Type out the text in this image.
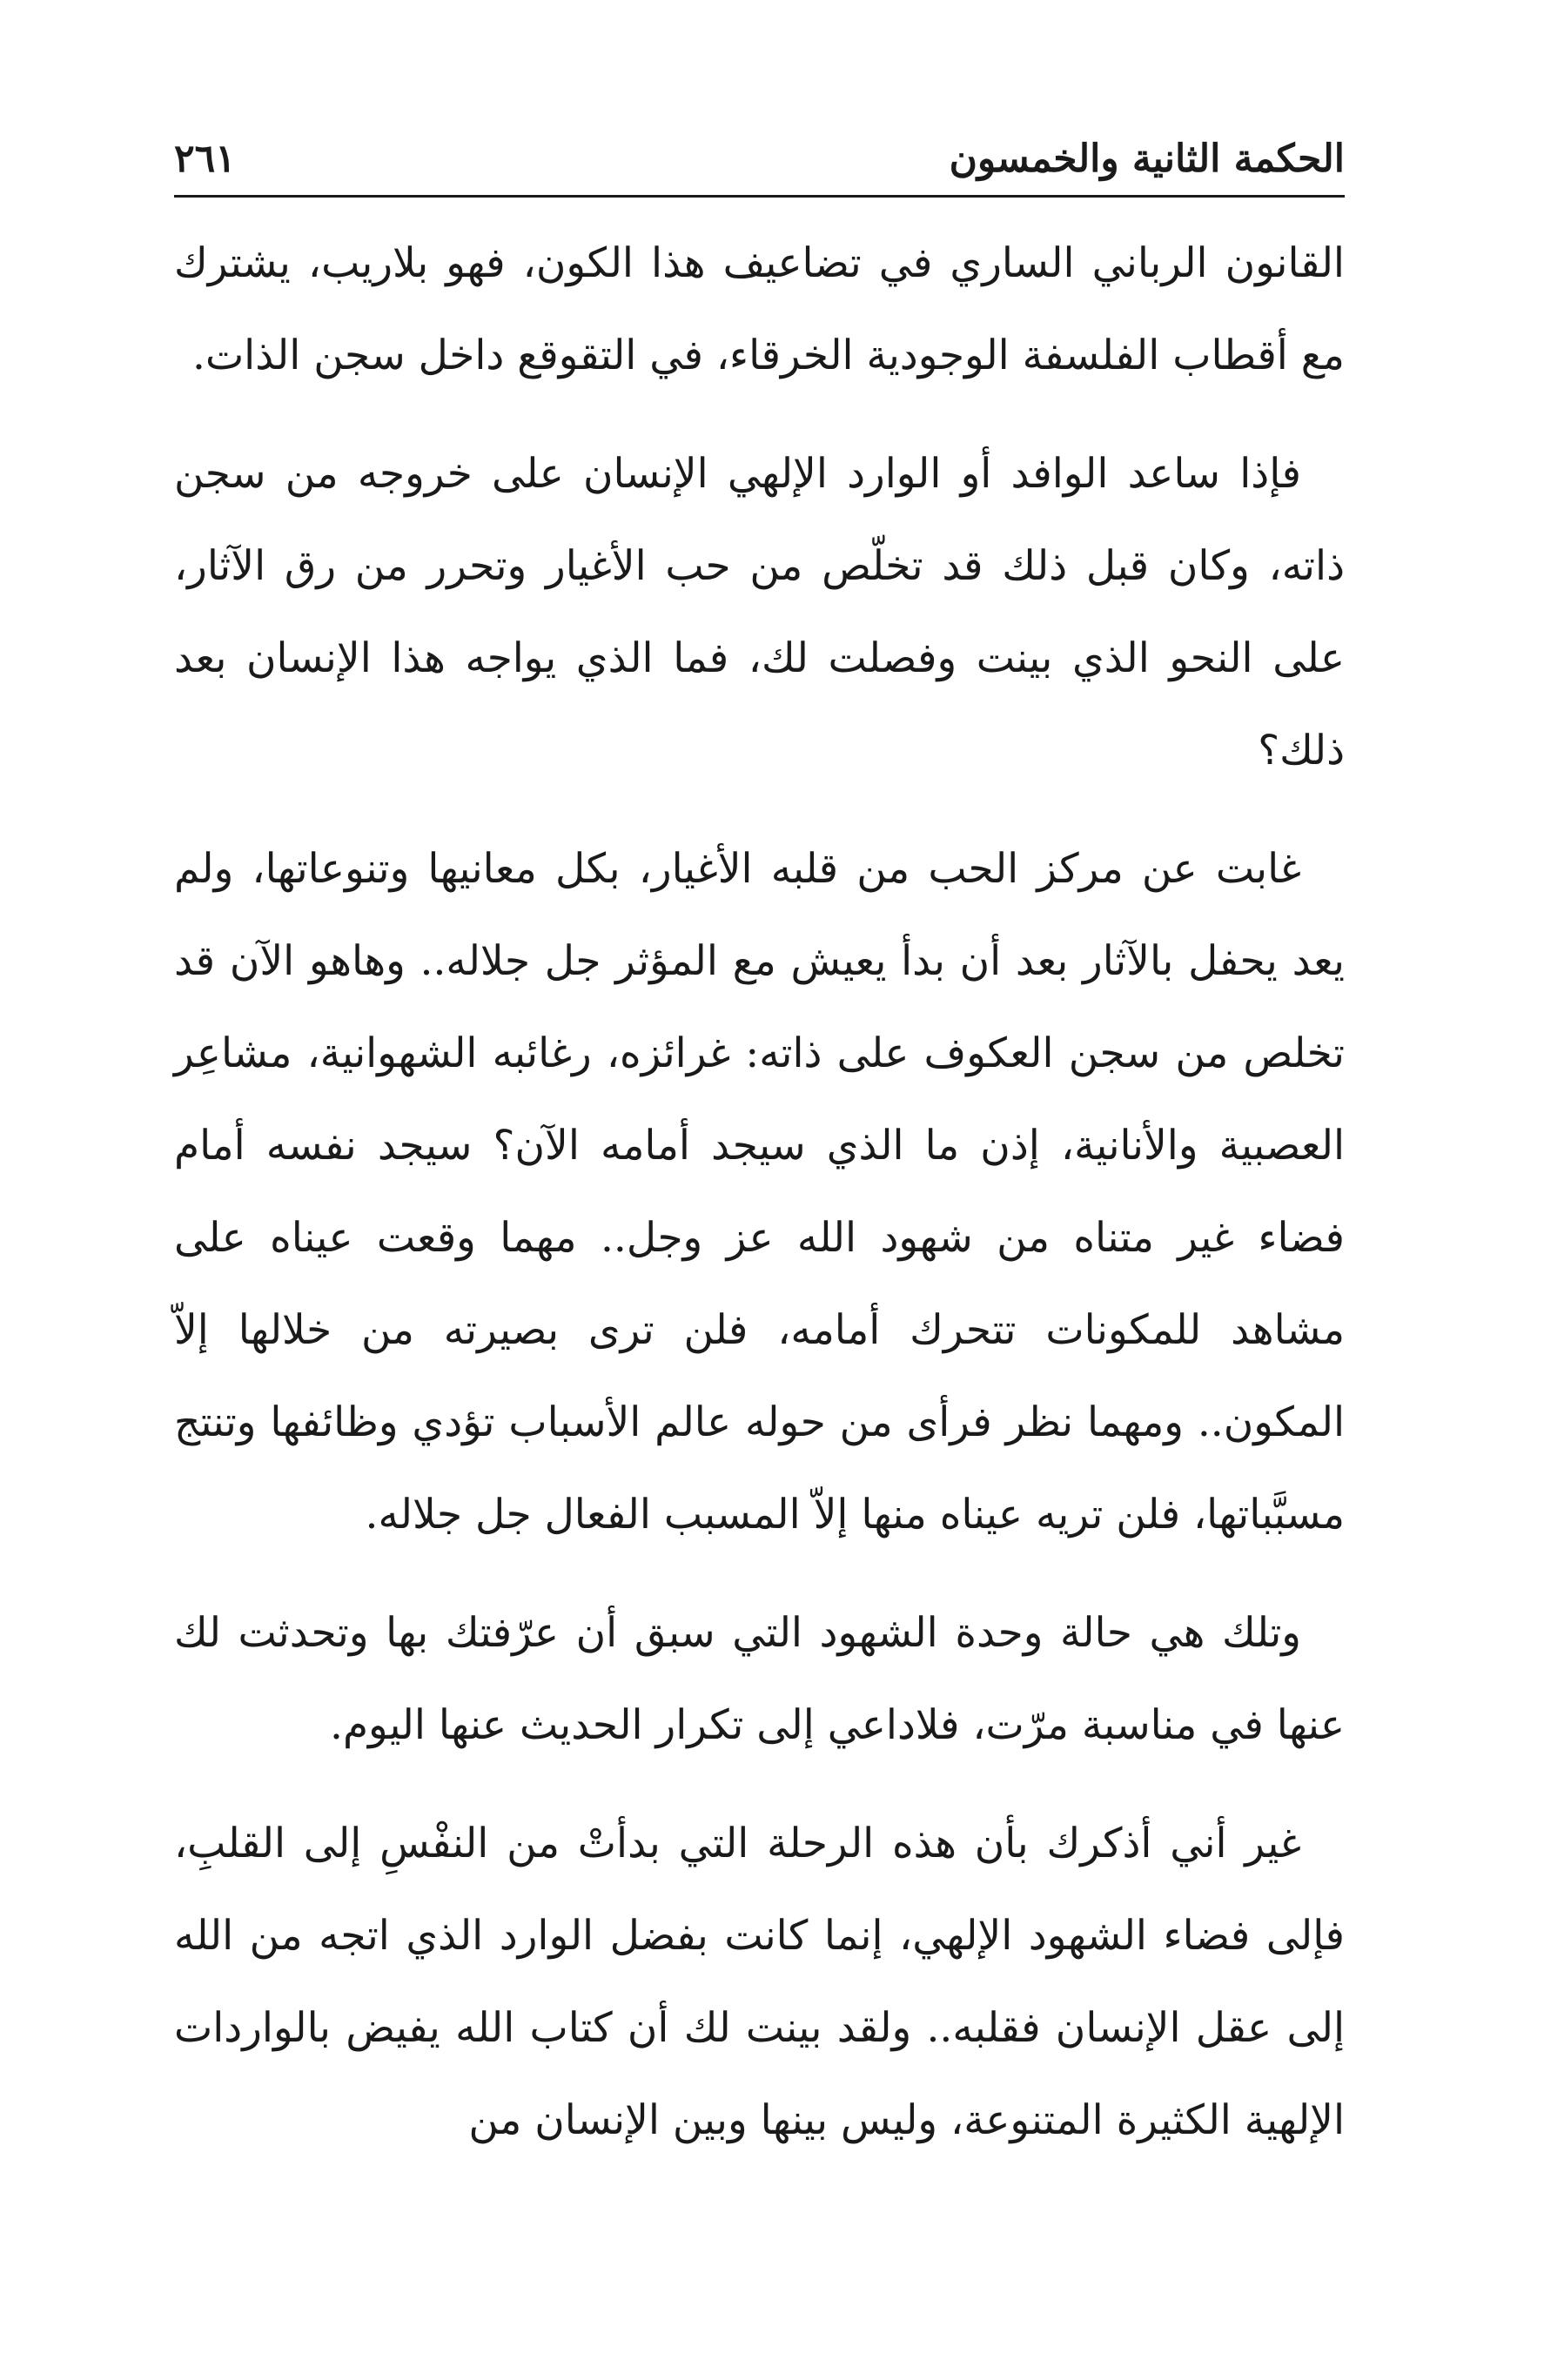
الحكمة الثانية والخمسون
٢٦١

القانون الرباني الساري في تضاعيف هذا الكون، فهو بلاريب، يشترك مع أقطاب الفلسفة الوجودية الخرقاء، في التقوقع داخل سجن الذات.

فإذا ساعد الوافد أو الوارد الإلهي الإنسان على خروجه من سجن ذاته، وكان قبل ذلك قد تخلّص من حب الأغيار وتحرر من رق الآثار، على النحو الذي بينت وفصلت لك، فما الذي يواجه هذا الإنسان بعد ذلك؟

غابت عن مركز الحب من قلبه الأغيار، بكل معانيها وتنوعاتها، ولم يعد يحفل بالآثار بعد أن بدأ يعيش مع المؤثر جل جلاله.. وهاهو الآن قد تخلص من سجن العكوف على ذاته: غرائزه، رغائبه الشهوانية، مشاعِر العصبية والأنانية، إذن ما الذي سيجد أمامه الآن؟ سيجد نفسه أمام فضاء غير متناه من شهود الله عز وجل.. مهما وقعت عيناه على مشاهد للمكونات تتحرك أمامه، فلن ترى بصيرته من خلالها إلاّ المكون.. ومهما نظر فرأى من حوله عالم الأسباب تؤدي وظائفها وتنتج مسبَّباتها، فلن تريه عيناه منها إلاّ المسبب الفعال جل جلاله.

وتلك هي حالة وحدة الشهود التي سبق أن عرّفتك بها وتحدثت لك عنها في مناسبة مرّت، فلاداعي إلى تكرار الحديث عنها اليوم.

غير أني أذكرك بأن هذه الرحلة التي بدأتْ من النفْسِ إلى القلبِ، فإلى فضاء الشهود الإلهي، إنما كانت بفضل الوارد الذي اتجه من الله إلى عقل الإنسان فقلبه.. ولقد بينت لك أن كتاب الله يفيض بالواردات الإلهية الكثيرة المتنوعة، وليس بينها وبين الإنسان من
